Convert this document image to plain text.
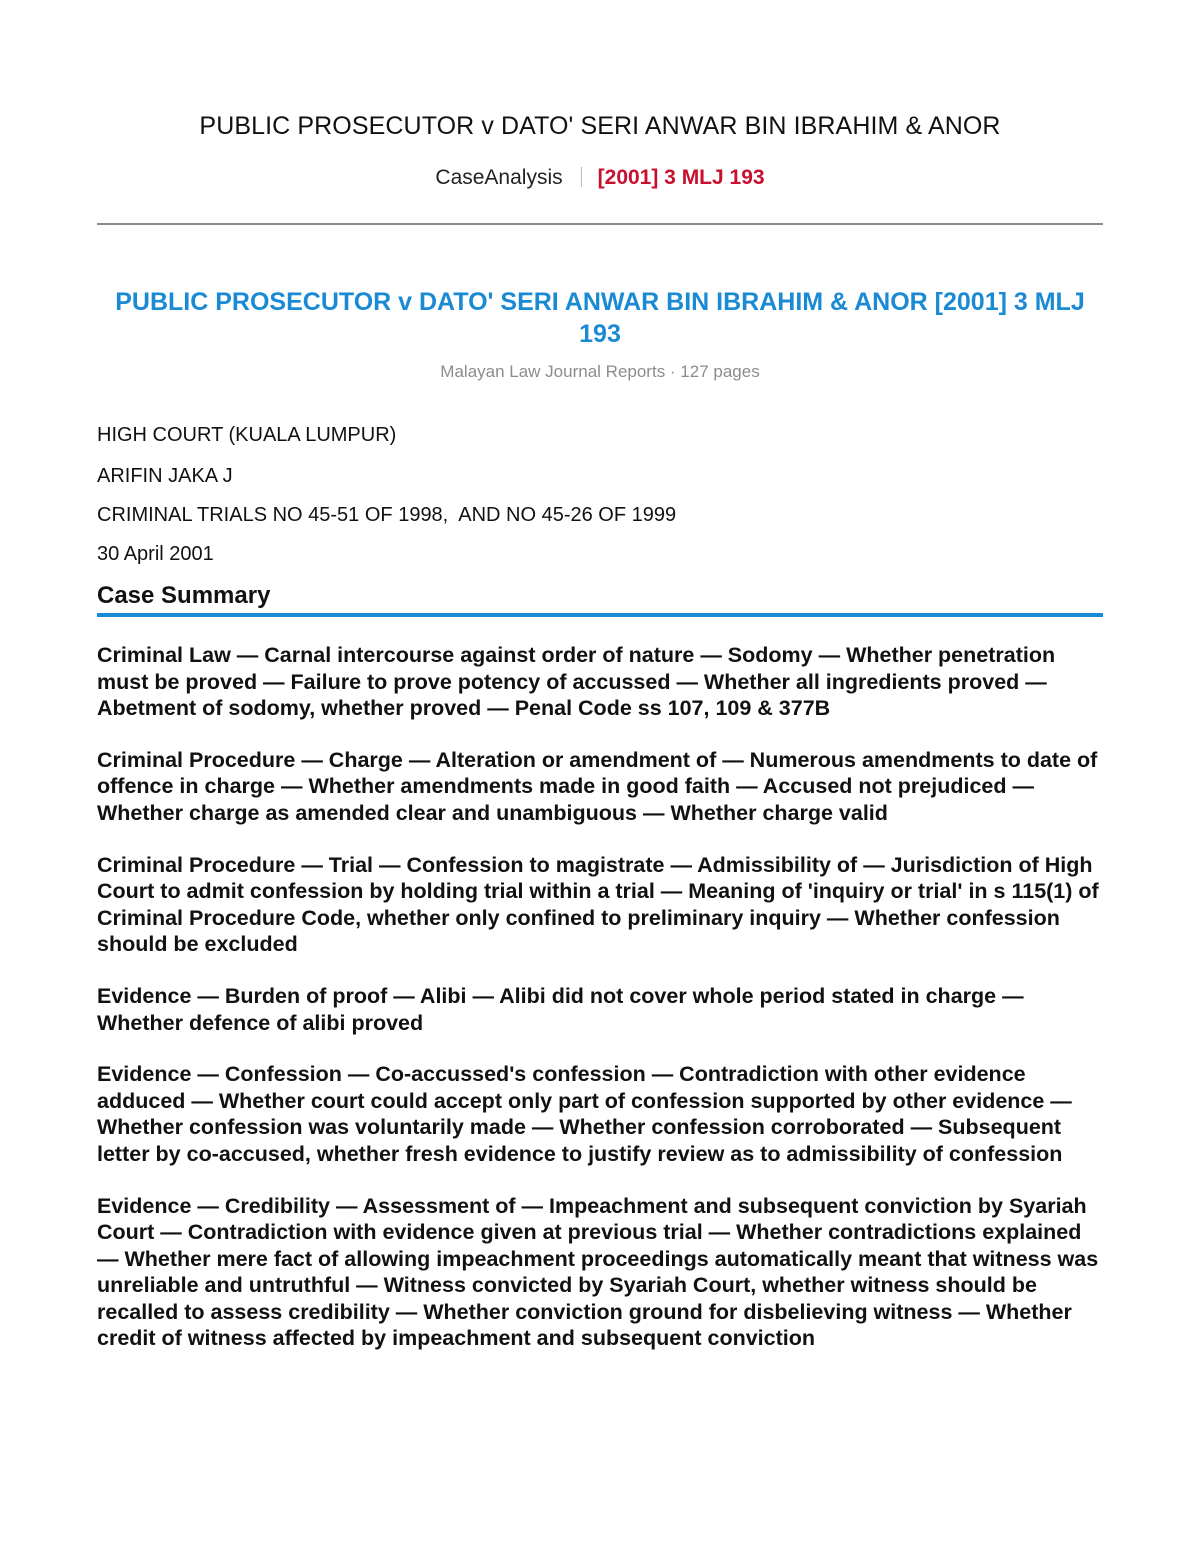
PUBLIC PROSECUTOR v DATO' SERI ANWAR BIN IBRAHIM & ANOR
CaseAnalysis [2001] 3 MLJ 193
PUBLIC PROSECUTOR v DATO' SERI ANWAR BIN IBRAHIM & ANOR [2001] 3 MLJ 193
Malayan Law Journal Reports · 127 pages
HIGH COURT (KUALA LUMPUR)
ARIFIN JAKA J
CRIMINAL TRIALS NO 45-51 OF 1998,  AND NO 45-26 OF 1999
30 April 2001
Case Summary

Criminal Law — Carnal intercourse against order of nature — Sodomy — Whether penetration must be proved — Failure to prove potency of accussed — Whether all ingredients proved — Abetment of sodomy, whether proved — Penal Code ss 107, 109 & 377B

Criminal Procedure — Charge — Alteration or amendment of — Numerous amendments to date of offence in charge — Whether amendments made in good faith — Accused not prejudiced — Whether charge as amended clear and unambiguous — Whether charge valid

Criminal Procedure — Trial — Confession to magistrate — Admissibility of — Jurisdiction of High Court to admit confession by holding trial within a trial — Meaning of 'inquiry or trial' in s 115(1) of Criminal Procedure Code, whether only confined to preliminary inquiry — Whether confession should be excluded

Evidence — Burden of proof — Alibi — Alibi did not cover whole period stated in charge — Whether defence of alibi proved

Evidence — Confession — Co-accussed's confession — Contradiction with other evidence adduced — Whether court could accept only part of confession supported by other evidence — Whether confession was voluntarily made — Whether confession corroborated — Subsequent letter by co-accused, whether fresh evidence to justify review as to admissibility of confession

Evidence — Credibility — Assessment of — Impeachment and subsequent conviction by Syariah Court — Contradiction with evidence given at previous trial — Whether contradictions explained — Whether mere fact of allowing impeachment proceedings automatically meant that witness was unreliable and untruthful — Witness convicted by Syariah Court, whether witness should be recalled to assess credibility — Whether conviction ground for disbelieving witness — Whether credit of witness affected by impeachment and subsequent conviction
